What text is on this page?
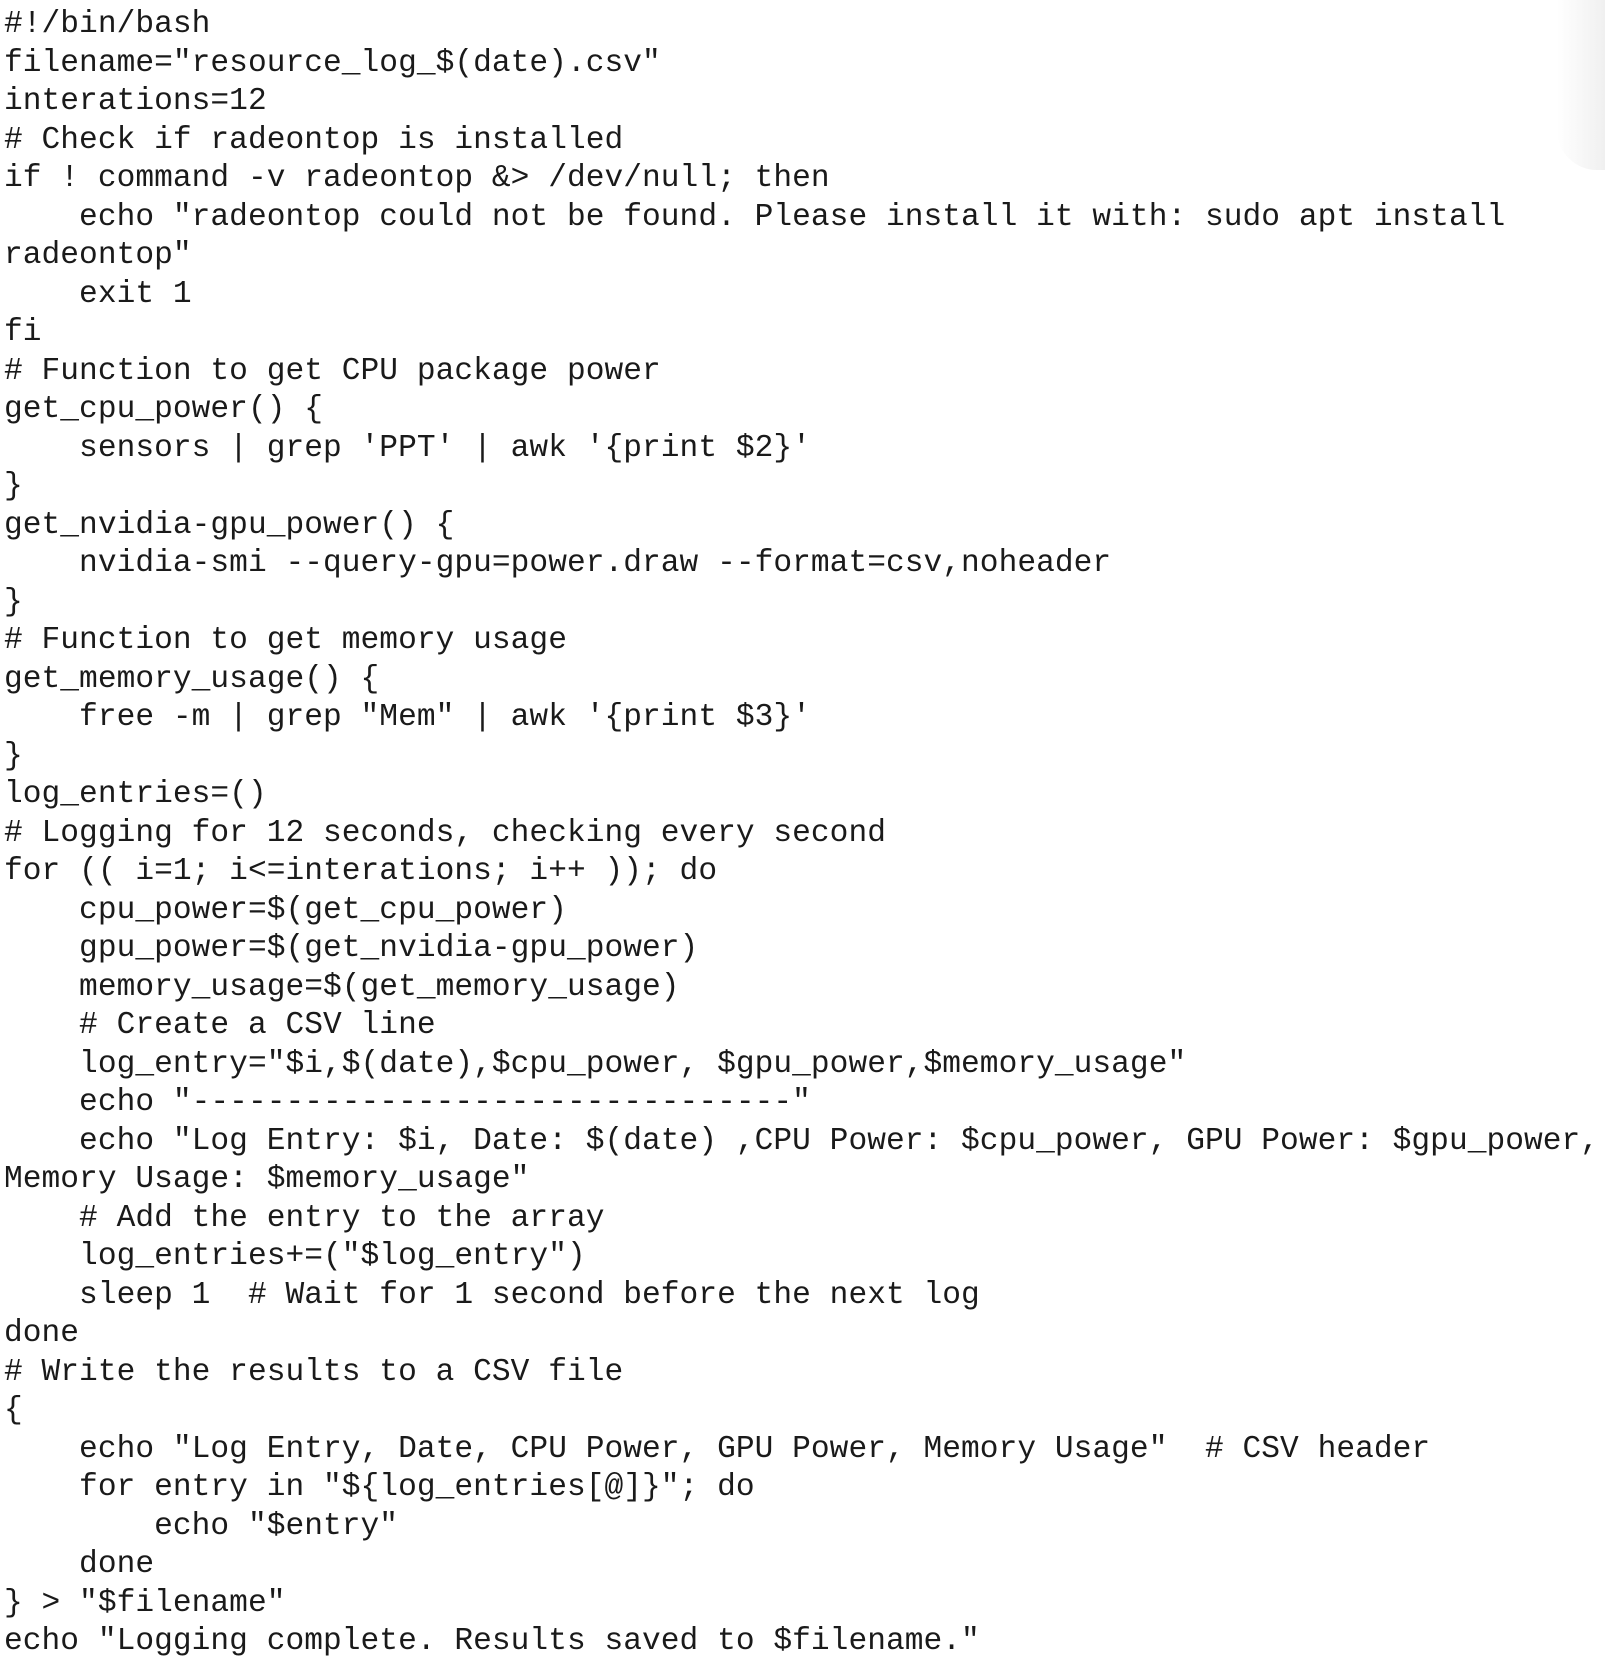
#!/bin/bash
filename="resource_log_$(date).csv"
interations=12
# Check if radeontop is installed
if ! command -v radeontop &> /dev/null; then
echo "radeontop could not be found. Please install it with: sudo apt install
radeontop"
exit 1
fi
# Function to get CPU package power
get_cpu_power() {
sensors | grep 'PPT' | awk '{print $2}'
}
get_nvidia-gpu_power() {
nvidia-smi --query-gpu=power.draw --format=csv,noheader
}
# Function to get memory usage
get_memory_usage() {
free -m | grep "Mem" | awk '{print $3}'
}
log_entries=()
# Logging for 12 seconds, checking every second
for (( i=1; i<=interations; i++ )); do
cpu_power=$(get_cpu_power)
gpu_power=$(get_nvidia-gpu_power)
memory_usage=$(get_memory_usage)
# Create a CSV line
log_entry="$i,$(date),$cpu_power, $gpu_power,$memory_usage"
echo "--------------------------------"
echo "Log Entry: $i, Date: $(date) ,CPU Power: $cpu_power, GPU Power: $gpu_power,
Memory Usage: $memory_usage"
# Add the entry to the array
log_entries+=("$log_entry")
sleep 1  # Wait for 1 second before the next log
done
# Write the results to a CSV file
{
echo "Log Entry, Date, CPU Power, GPU Power, Memory Usage"  # CSV header
for entry in "${log_entries[@]}"; do
echo "$entry"
done
} > "$filename"
echo "Logging complete. Results saved to $filename."
